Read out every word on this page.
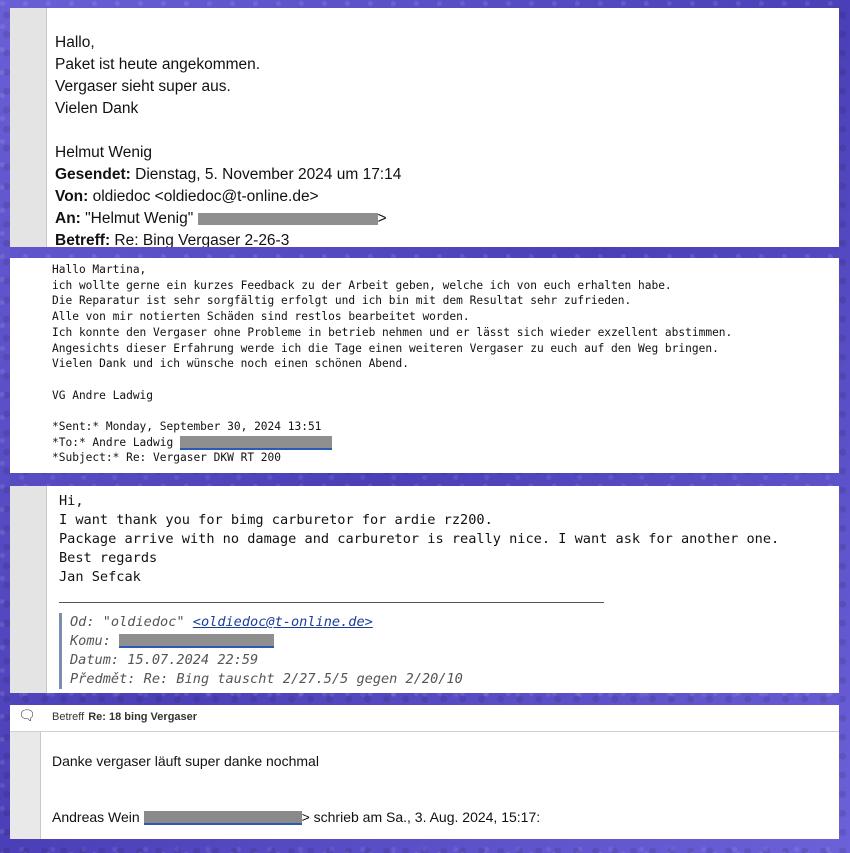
Hallo,
Paket ist heute angekommen.
Vergaser sieht super aus.
Vielen Dank
Helmut Wenig
Gesendet: Dienstag, 5. November 2024 um 17:14
Von: oldiedoc <oldiedoc@t-online.de>
An: "Helmut Wenig"	>
Betreff: Re: Bing Vergaser 2-26-3
Hallo Martina,
ich wollte gerne ein kurzes Feedback zu der Arbeit geben, welche ich von euch erhalten habe.
Die Reparatur ist sehr sorgfältig erfolgt und ich bin mit dem Resultat sehr zufrieden.
Alle von mir notierten Schäden sind restlos bearbeitet worden.
Ich konnte den Vergaser ohne Probleme in betrieb nehmen und er lässt sich wieder exzellent abstimmen.
Angesichts dieser Erfahrung werde ich die Tage einen weiteren Vergaser zu euch auf den Weg bringen.
Vielen Dank und ich wünsche noch einen schönen Abend.
VG Andre Ladwig
*Sent:* Monday, September 30, 2024 13:51
*To:* Andre Ladwig
*Subject:* Re: Vergaser DKW RT 200
Hi,
I want thank you for bimg carburetor for ardie rz200.
Package arrive with no damage and carburetor is really nice. I want ask for another one.
Best regards
Jan Sefcak
Od: "oldiedoc" <oldiedoc@t-online.de>
Komu:
Datum: 15.07.2024 22:59
Předmět: Re: Bing tauscht 2/27.5/5 gegen 2/20/10
🗨 Betreff Re: 18 bing Vergaser
Danke vergaser läuft super danke nochmal
Andreas Wein	> schrieb am Sa., 3. Aug. 2024, 15:17:
